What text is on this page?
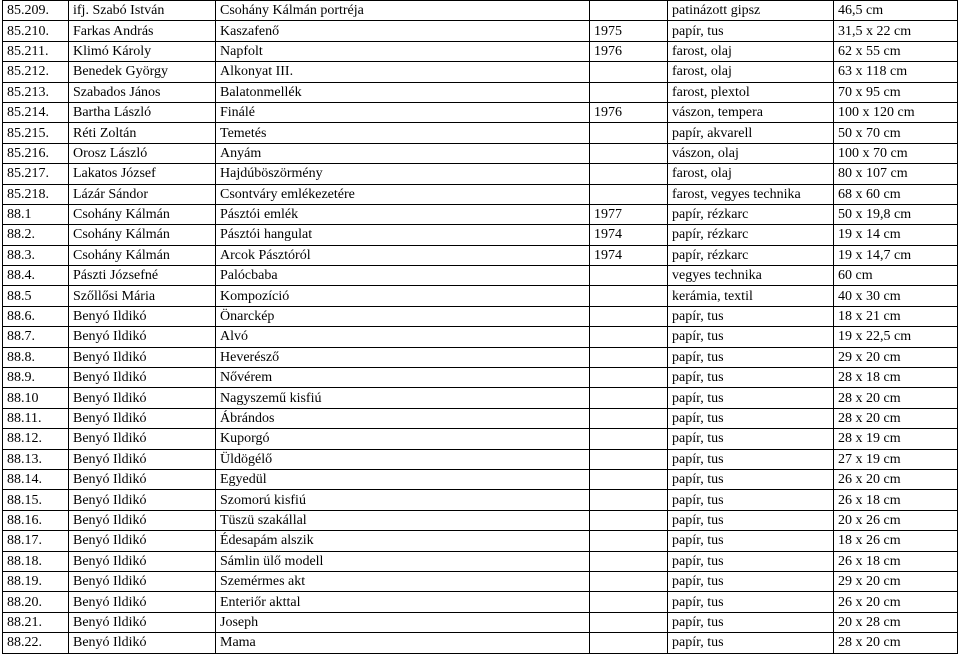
85.209.	ifj. Szabó István	Csohány Kálmán portréja		patinázott gipsz	46,5 cm
85.210.	Farkas András	Kaszafenő	1975	papír, tus	31,5 x 22 cm
85.211.	Klimó Károly	Napfolt	1976	farost, olaj	62 x 55 cm
85.212.	Benedek György	Alkonyat III.		farost, olaj	63 x 118 cm
85.213.	Szabados János	Balatonmellék		farost, plextol	70 x 95 cm
85.214.	Bartha László	Finálé	1976	vászon, tempera	100 x 120 cm
85.215.	Réti Zoltán	Temetés		papír, akvarell	50 x 70 cm
85.216.	Orosz László	Anyám		vászon, olaj	100 x 70 cm
85.217.	Lakatos József	Hajdúböszörmény		farost, olaj	80 x 107 cm
85.218.	Lázár Sándor	Csontváry emlékezetére		farost, vegyes technika	68 x 60 cm
88.1	Csohány Kálmán	Pásztói emlék	1977	papír, rézkarc	50 x 19,8 cm
88.2.	Csohány Kálmán	Pásztói hangulat	1974	papír, rézkarc	19 x 14 cm
88.3.	Csohány Kálmán	Arcok Pásztóról	1974	papír, rézkarc	19 x 14,7 cm
88.4.	Pászti Józsefné	Palócbaba		vegyes technika	60 cm
88.5	Szőllősi Mária	Kompozíció		kerámia, textil	40 x 30 cm
88.6.	Benyó Ildikó	Önarckép		papír, tus	18 x 21 cm
88.7.	Benyó Ildikó	Alvó		papír, tus	19 x 22,5 cm
88.8.	Benyó Ildikó	Heverésző		papír, tus	29 x 20 cm
88.9.	Benyó Ildikó	Nővérem		papír, tus	28 x 18 cm
88.10	Benyó Ildikó	Nagyszemű kisfiú		papír, tus	28 x 20 cm
88.11.	Benyó Ildikó	Ábrándos		papír, tus	28 x 20 cm
88.12.	Benyó Ildikó	Kuporgó		papír, tus	28 x 19 cm
88.13.	Benyó Ildikó	Üldögélő		papír, tus	27 x 19 cm
88.14.	Benyó Ildikó	Egyedül		papír, tus	26 x 20 cm
88.15.	Benyó Ildikó	Szomorú kisfiú		papír, tus	26 x 18 cm
88.16.	Benyó Ildikó	Tüszü szakállal		papír, tus	20 x 26 cm
88.17.	Benyó Ildikó	Édesapám alszik		papír, tus	18 x 26 cm
88.18.	Benyó Ildikó	Sámlin ülő modell		papír, tus	26 x 18 cm
88.19.	Benyó Ildikó	Szemérmes akt		papír, tus	29 x 20 cm
88.20.	Benyó Ildikó	Enteriőr akttal		papír, tus	26 x 20 cm
88.21.	Benyó Ildikó	Joseph		papír, tus	20 x 28 cm
88.22.	Benyó Ildikó	Mama		papír, tus	28 x 20 cm
